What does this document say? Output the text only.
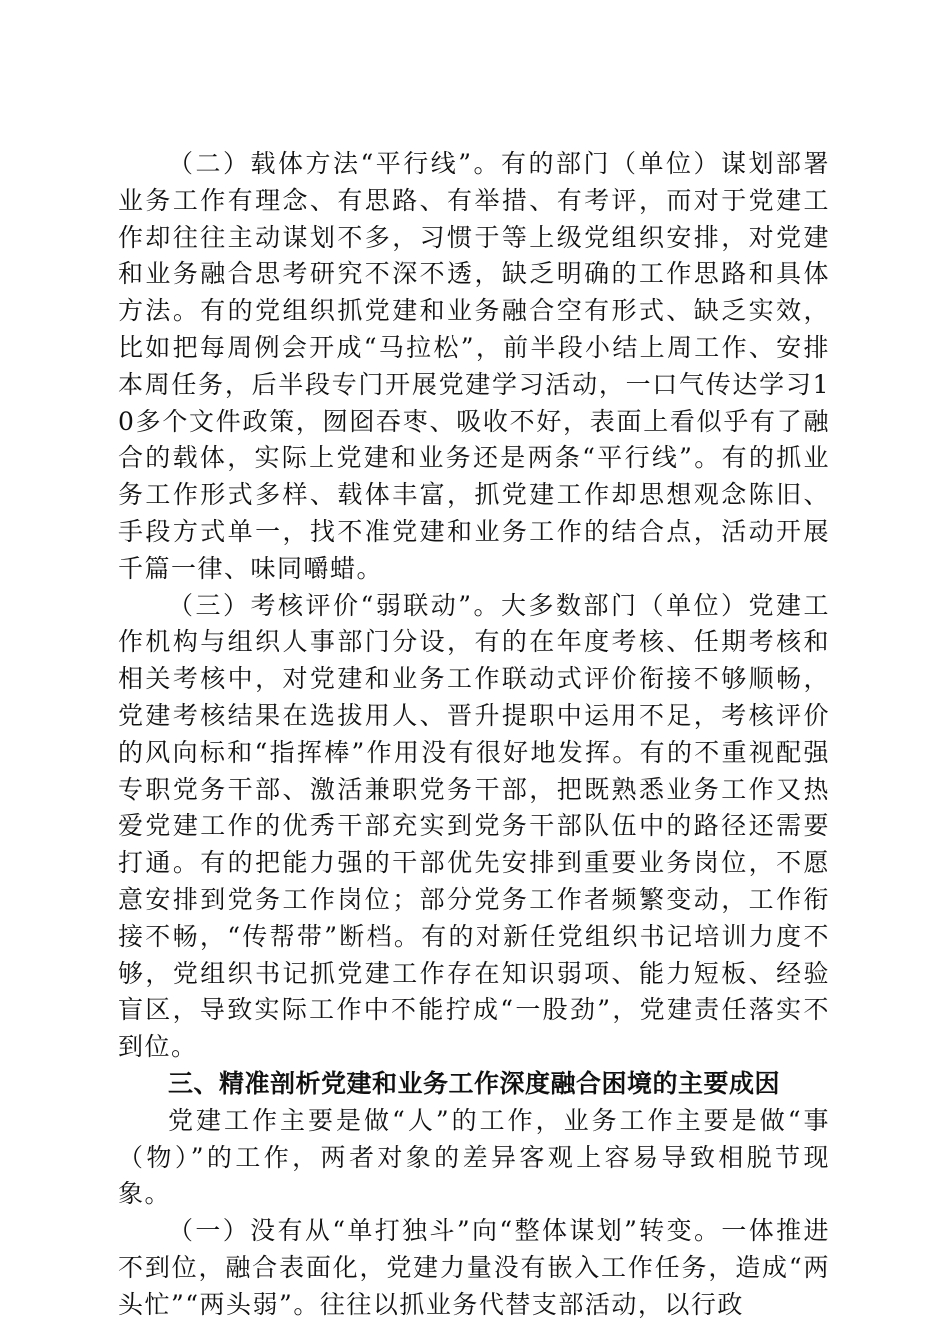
（二）载体方法“平行线”。有的部门（单位）谋划部署业务工作有理念、有思路、有举措、有考评，而对于党建工作却往往主动谋划不多，习惯于等上级党组织安排，对党建和业务融合思考研究不深不透，缺乏明确的工作思路和具体方法。有的党组织抓党建和业务融合空有形式、缺乏实效，比如把每周例会开成“马拉松”，前半段小结上周工作、安排本周任务，后半段专门开展党建学习活动，一口气传达学习10多个文件政策，囫囵吞枣、吸收不好，表面上看似乎有了融合的载体，实际上党建和业务还是两条“平行线”。有的抓业务工作形式多样、载体丰富，抓党建工作却思想观念陈旧、手段方式单一，找不准党建和业务工作的结合点，活动开展千篇一律、味同嚼蜡。

（三）考核评价“弱联动”。大多数部门（单位）党建工作机构与组织人事部门分设，有的在年度考核、任期考核和相关考核中，对党建和业务工作联动式评价衔接不够顺畅，党建考核结果在选拔用人、晋升提职中运用不足，考核评价的风向标和“指挥棒”作用没有很好地发挥。有的不重视配强专职党务干部、激活兼职党务干部，把既熟悉业务工作又热爱党建工作的优秀干部充实到党务干部队伍中的路径还需要打通。有的把能力强的干部优先安排到重要业务岗位，不愿意安排到党务工作岗位；部分党务工作者频繁变动，工作衔接不畅，“传帮带”断档。有的对新任党组织书记培训力度不够，党组织书记抓党建工作存在知识弱项、能力短板、经验盲区，导致实际工作中不能拧成“一股劲”，党建责任落实不到位。

三、精准剖析党建和业务工作深度融合困境的主要成因

党建工作主要是做“人”的工作，业务工作主要是做“事（物）”的工作，两者对象的差异客观上容易导致相脱节现象。

（一）没有从“单打独斗”向“整体谋划”转变。一体推进不到位，融合表面化，党建力量没有嵌入工作任务，造成“两头忙”“两头弱”。往往以抓业务代替支部活动，以行政
